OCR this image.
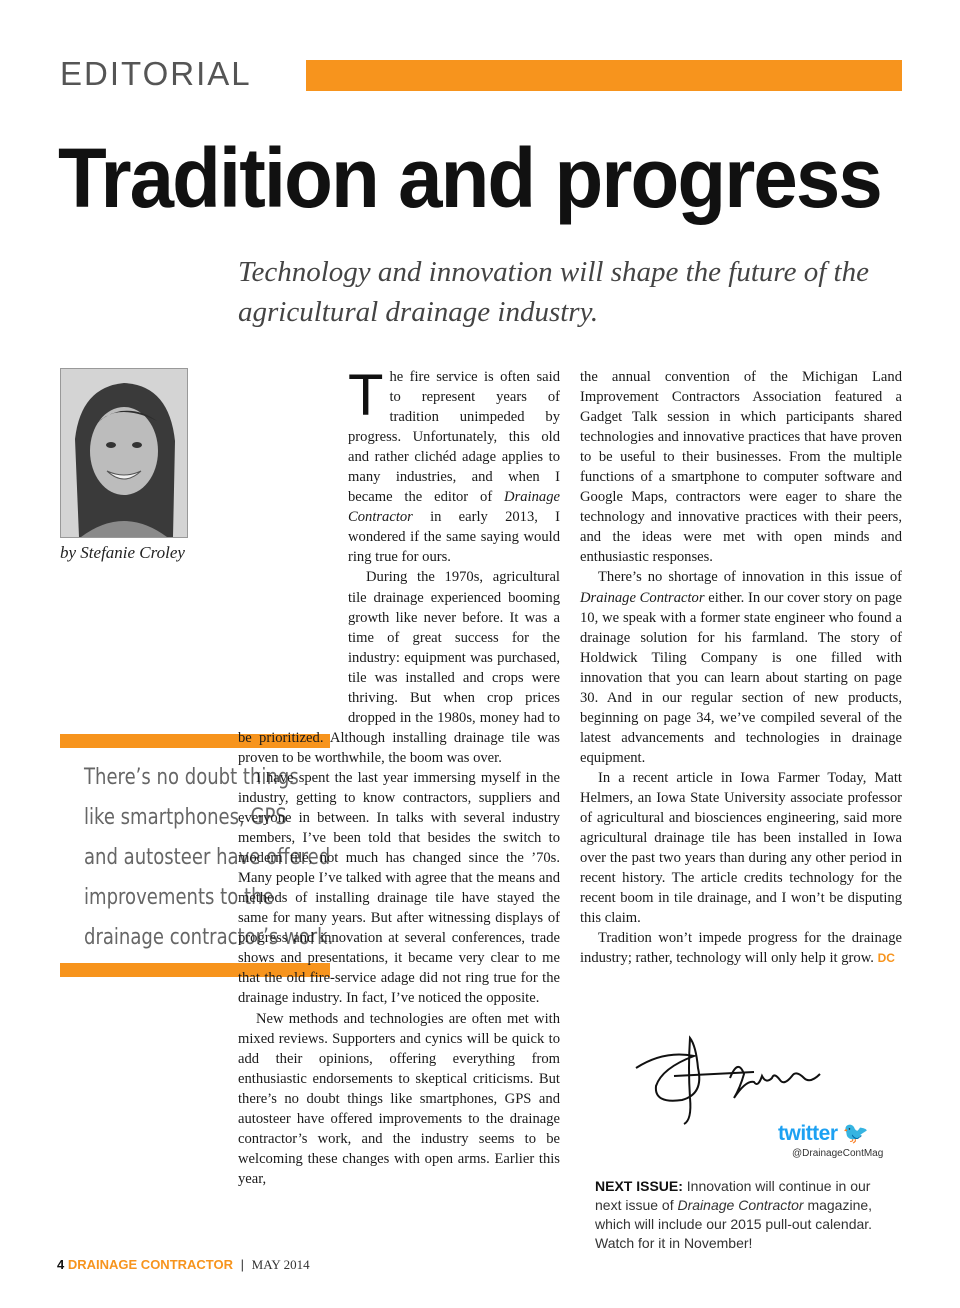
EDITORIAL
Tradition and progress
Technology and innovation will shape the future of the agricultural drainage industry.
by Stefanie Croley
There’s no doubt things
like smartphones, GPS
and autosteer have offered
improvements to the
drainage contractor’s work.

The fire service is often said to represent years of tradition unimpeded by progress. Unfortunately, this old and rather clichéd adage applies to many industries, and when I became the editor of Drainage Contractor in early 2013, I wondered if the same saying would ring true for ours.

During the 1970s, agricultural tile drainage experienced booming growth like never before. It was a time of great success for the industry: equipment was purchased, tile was installed and crops were thriving. But when crop prices dropped in the 1980s, money had to be prioritized. Although installing drainage tile was proven to be worthwhile, the boom was over.

I have spent the last year immersing myself in the industry, getting to know contractors, suppliers and everyone in between. In talks with several industry members, I’ve been told that besides the switch to modern tile, not much has changed since the ’70s. Many people I’ve talked with agree that the means and methods of installing drainage tile have stayed the same for many years. But after witnessing displays of progress and innovation at several conferences, trade shows and presentations, it became very clear to me that the old fire-service adage did not ring true for the drainage industry. In fact, I’ve noticed the opposite.

New methods and technologies are often met with mixed reviews. Supporters and cynics will be quick to add their opinions, offering everything from enthusiastic endorsements to skeptical criticisms. But there’s no doubt things like smartphones, GPS and autosteer have offered improvements to the drainage contractor’s work, and the industry seems to be welcoming these changes with open arms. Earlier this year,

the annual convention of the Michigan Land Improvement Contractors Association featured a Gadget Talk session in which participants shared technologies and innovative practices that have proven to be useful to their businesses. From the multiple functions of a smartphone to computer software and Google Maps, contractors were eager to share the technology and innovative practices with their peers, and the ideas were met with open minds and enthusiastic responses.

There’s no shortage of innovation in this issue of Drainage Contractor either. In our cover story on page 10, we speak with a former state engineer who found a drainage solution for his farmland. The story of Holdwick Tiling Company is one filled with innovation that you can learn about starting on page 30. And in our regular section of new products, beginning on page 34, we’ve compiled several of the latest advancements and technologies in drainage equipment.

In a recent article in Iowa Farmer Today, Matt Helmers, an Iowa State University associate professor of agricultural and biosciences engineering, said more agricultural drainage tile has been installed in Iowa over the past two years than during any other period in recent history. The article credits technology for the recent boom in tile drainage, and I won’t be disputing this claim.

Tradition won’t impede progress for the drainage industry; rather, technology will only help it grow. DC

twitter 🐦
@DrainageContMag
NEXT ISSUE: Innovation will continue in our next issue of Drainage Contractor magazine, which will include our 2015 pull-out calendar. Watch for it in November!
4 DRAINAGE CONTRACTOR | MAY 2014
